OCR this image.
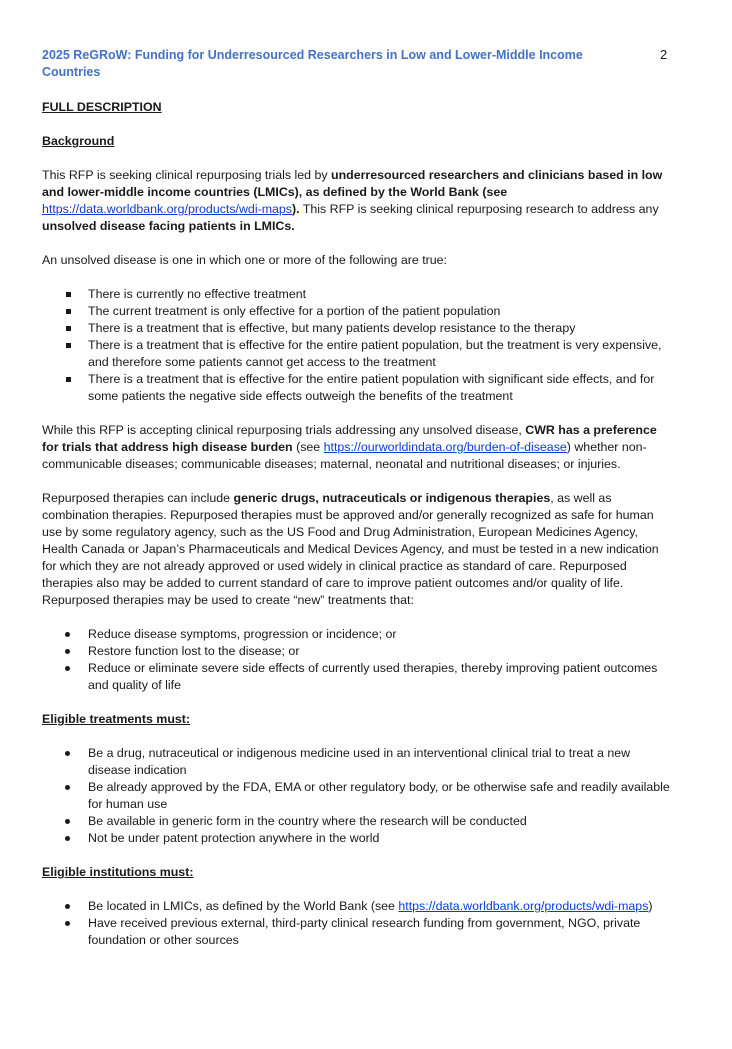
2025 ReGRoW: Funding for Underresourced Researchers in Low and Lower-Middle Income Countries
2

FULL DESCRIPTION

Background

This RFP is seeking clinical repurposing trials led by underresourced researchers and clinicians based in low and lower-middle income countries (LMICs), as defined by the World Bank (see https://data.worldbank.org/products/wdi-maps). This RFP is seeking clinical repurposing research to address any unsolved disease facing patients in LMICs.

An unsolved disease is one in which one or more of the following are true:

There is currently no effective treatment
The current treatment is only effective for a portion of the patient population
There is a treatment that is effective, but many patients develop resistance to the therapy
There is a treatment that is effective for the entire patient population, but the treatment is very expensive, and therefore some patients cannot get access to the treatment
There is a treatment that is effective for the entire patient population with significant side effects, and for some patients the negative side effects outweigh the benefits of the treatment

While this RFP is accepting clinical repurposing trials addressing any unsolved disease, CWR has a preference for trials that address high disease burden (see https://ourworldindata.org/burden-of-disease) whether non-communicable diseases; communicable diseases; maternal, neonatal and nutritional diseases; or injuries.

Repurposed therapies can include generic drugs, nutraceuticals or indigenous therapies, as well as combination therapies. Repurposed therapies must be approved and/or generally recognized as safe for human use by some regulatory agency, such as the US Food and Drug Administration, European Medicines Agency, Health Canada or Japan’s Pharmaceuticals and Medical Devices Agency, and must be tested in a new indication for which they are not already approved or used widely in clinical practice as standard of care. Repurposed therapies also may be added to current standard of care to improve patient outcomes and/or quality of life. Repurposed therapies may be used to create “new” treatments that:

Reduce disease symptoms, progression or incidence; or
Restore function lost to the disease; or
Reduce or eliminate severe side effects of currently used therapies, thereby improving patient outcomes and quality of life

Eligible treatments must:

Be a drug, nutraceutical or indigenous medicine used in an interventional clinical trial to treat a new disease indication
Be already approved by the FDA, EMA or other regulatory body, or be otherwise safe and readily available for human use
Be available in generic form in the country where the research will be conducted
Not be under patent protection anywhere in the world

Eligible institutions must:

Be located in LMICs, as defined by the World Bank (see https://data.worldbank.org/products/wdi-maps)
Have received previous external, third-party clinical research funding from government, NGO, private foundation or other sources
